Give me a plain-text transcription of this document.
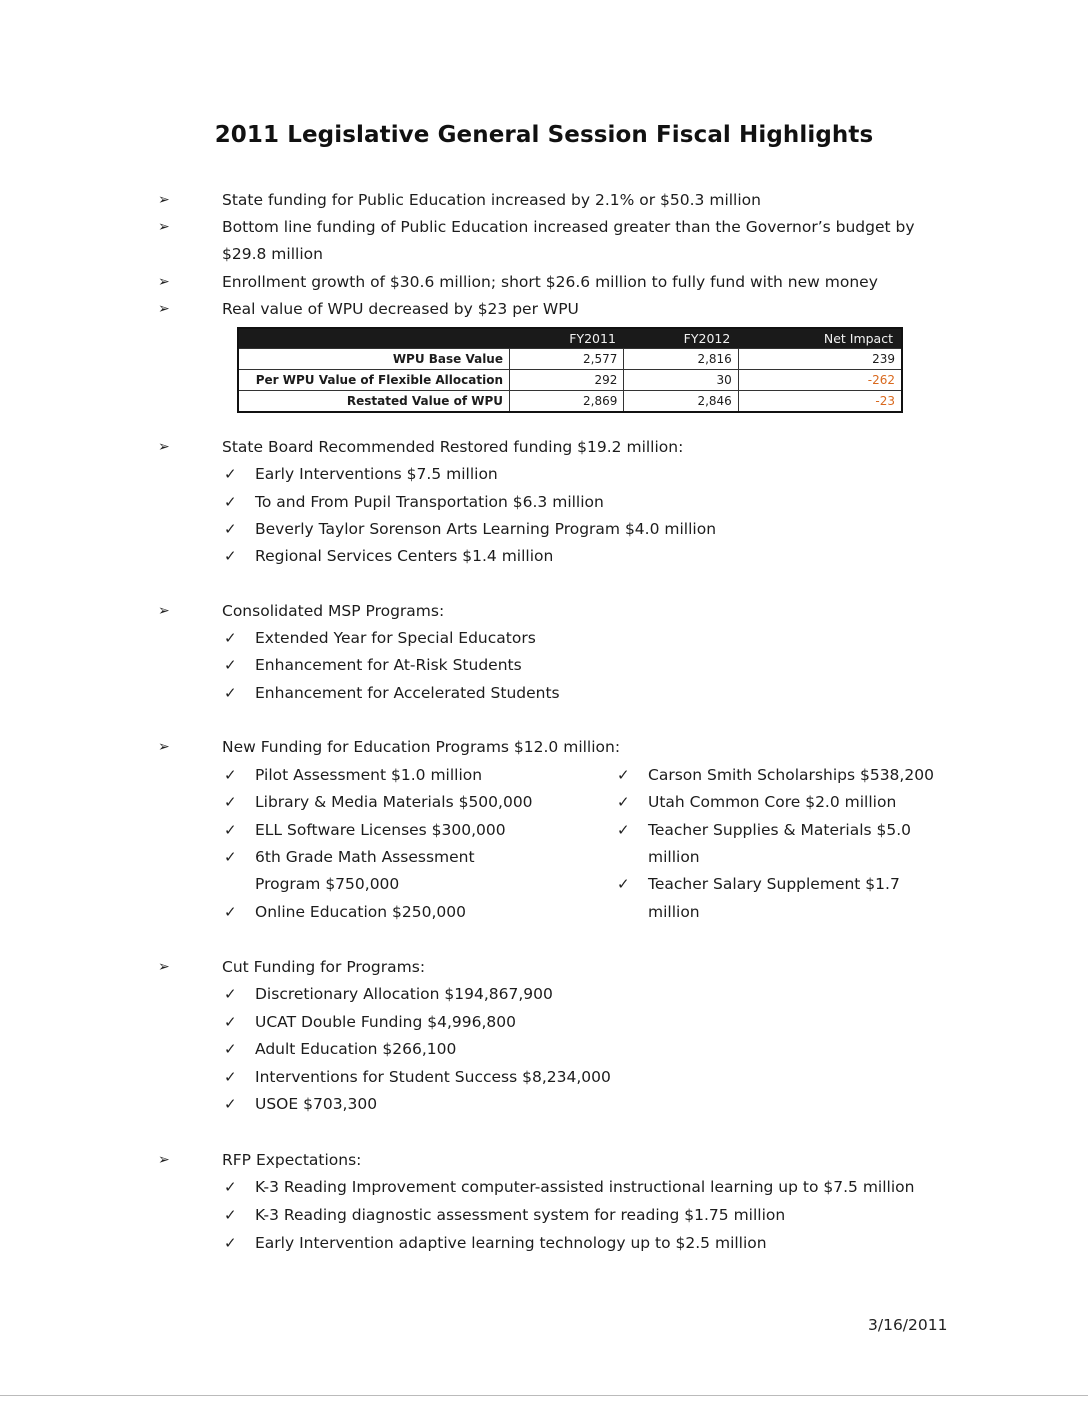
2011 Legislative General Session Fiscal Highlights
➢	State funding for Public Education increased by 2.1% or $50.3 million
➢	Bottom line funding of Public Education increased greater than the Governor’s budget by
$29.8 million
➢	Enrollment growth of $30.6 million; short $26.6 million to fully fund with new money
➢	Real value of WPU decreased by $23 per WPU
	FY2011	FY2012	Net Impact
WPU Base Value	2,577	2,816	239
Per WPU Value of Flexible Allocation	292	30	-262
Restated Value of WPU	2,869	2,846	-23
➢	State Board Recommended Restored funding $19.2 million:
✓ Early Interventions $7.5 million
✓ To and From Pupil Transportation $6.3 million
✓ Beverly Taylor Sorenson Arts Learning Program $4.0 million
✓ Regional Services Centers $1.4 million
➢	Consolidated MSP Programs:
✓ Extended Year for Special Educators
✓ Enhancement for At-Risk Students
✓ Enhancement for Accelerated Students
➢	New Funding for Education Programs $12.0 million:
✓ Pilot Assessment $1.0 million
✓ Library & Media Materials $500,000
✓ ELL Software Licenses $300,000
✓ 6th Grade Math Assessment
Program $750,000
✓ Online Education $250,000
✓ Carson Smith Scholarships $538,200
✓ Utah Common Core $2.0 million
✓ Teacher Supplies & Materials $5.0
million
✓ Teacher Salary Supplement $1.7
million
➢	Cut Funding for Programs:
✓ Discretionary Allocation $194,867,900
✓ UCAT Double Funding $4,996,800
✓ Adult Education $266,100
✓ Interventions for Student Success $8,234,000
✓ USOE $703,300
➢	RFP Expectations:
✓ K-3 Reading Improvement computer-assisted instructional learning up to $7.5 million
✓ K-3 Reading diagnostic assessment system for reading $1.75 million
✓ Early Intervention adaptive learning technology up to $2.5 million
3/16/2011
